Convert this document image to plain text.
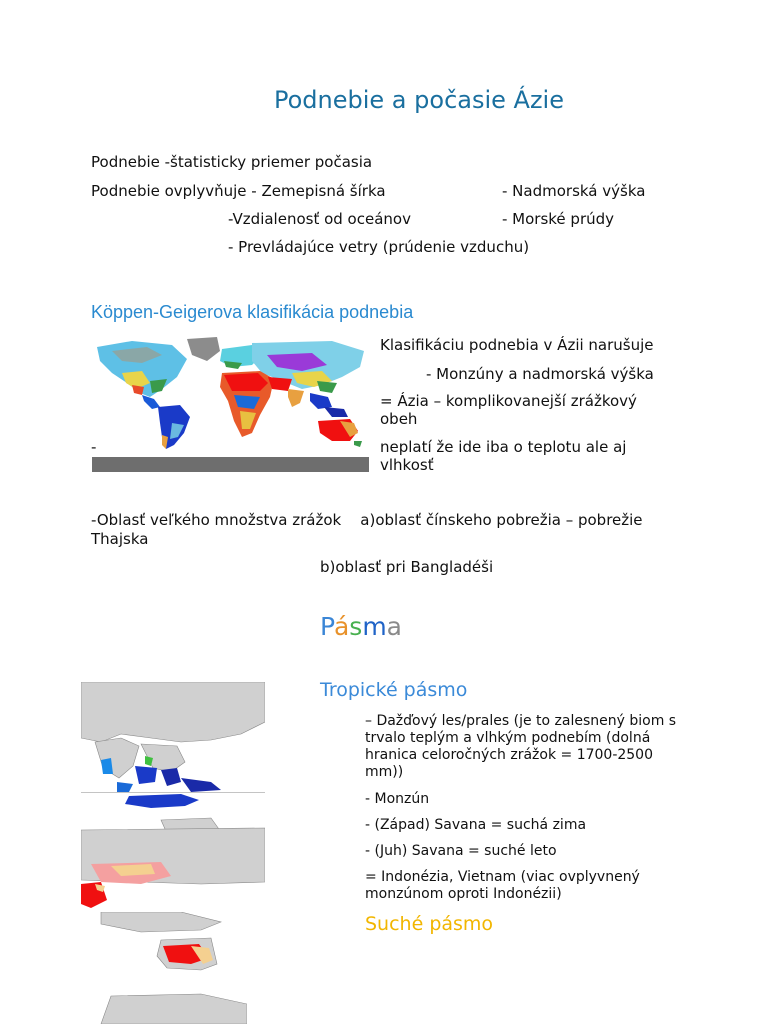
Podnebie a počasie Ázie

Podnebie -štatisticky priemer počasia

Podnebie ovplyvňuje - Zemepisná šírka	- Nadmorská výška

-Vzdialenosť od oceánov	- Morské prúdy

- Prevládajúce vetry (prúdenie vzduchu)

Köppen-Geigerova klasifikácia podnebia

Klasifikáciu podnebia v Ázii narušuje

- Monzúny a nadmorská výška

= Ázia – komplikovanejší zrážkový obeh

-	neplatí že ide iba o teplotu ale aj vlhkosť

-Oblasť veľkého množstva zrážok    a)oblasť čínskeho pobrežia – pobrežie

Thajska

b)oblasť pri Bangladéši

Pásma
Tropické pásmo

– Dažďový les/prales (je to zalesnený biom s trvalo teplým a vlhkým podnebím (dolná hranica celoročných zrážok = 1700-2500 mm))

- Monzún

- (Západ) Savana = suchá zima

- (Juh) Savana = suché leto

= Indonézia, Vietnam (viac ovplyvnený monzúnom oproti Indonézii)

Suché pásmo
